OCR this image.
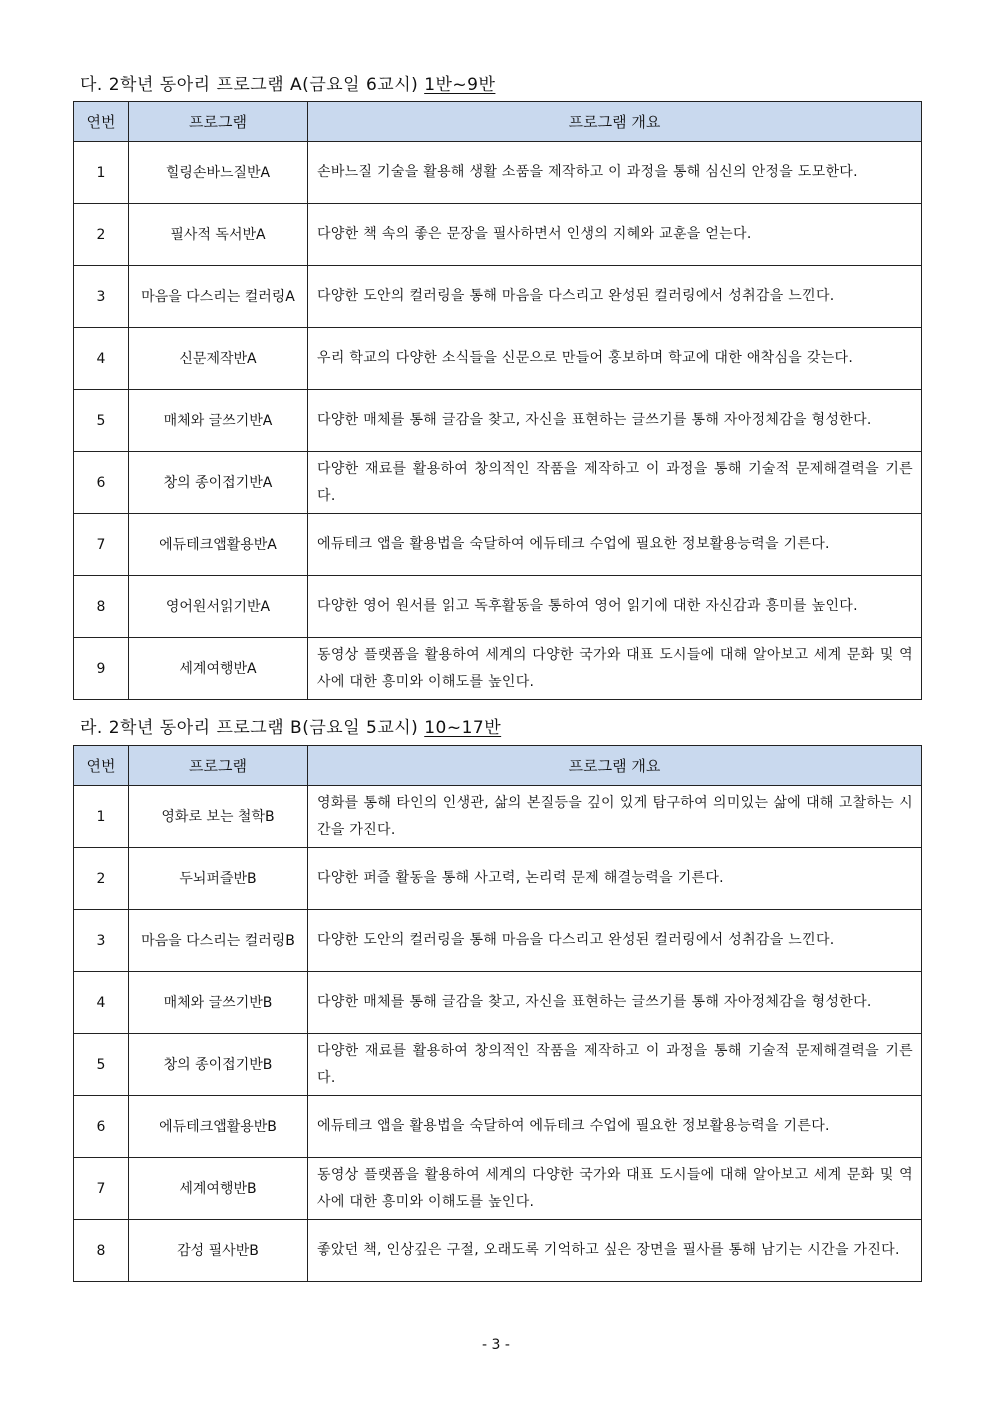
다. 2학년 동아리 프로그램 A(금요일 6교시) 1반~9반
연번	프로그램	프로그램 개요
1	힐링손바느질반A	손바느질 기술을 활용해 생활 소품을 제작하고 이 과정을 통해 심신의 안정을 도모한다.
2	필사적 독서반A	다양한 책 속의 좋은 문장을 필사하면서 인생의 지혜와 교훈을 얻는다.
3	마음을 다스리는 컬러링A	다양한 도안의 컬러링을 통해 마음을 다스리고 완성된 컬러링에서 성취감을 느낀다.
4	신문제작반A	우리 학교의 다양한 소식들을 신문으로 만들어 홍보하며 학교에 대한 애착심을 갖는다.
5	매체와 글쓰기반A	다양한 매체를 통해 글감을 찾고, 자신을 표현하는 글쓰기를 통해 자아정체감을 형성한다.
6	창의 종이접기반A	다양한 재료를 활용하여 창의적인 작품을 제작하고 이 과정을 통해 기술적 문제해결력을 기른다.
7	에듀테크앱활용반A	에듀테크 앱을 활용법을 숙달하여 에듀테크 수업에 필요한 정보활용능력을 기른다.
8	영어원서읽기반A	다양한 영어 원서를 읽고 독후활동을 통하여 영어 읽기에 대한 자신감과 흥미를 높인다.
9	세계여행반A	동영상 플랫폼을 활용하여 세계의 다양한 국가와 대표 도시들에 대해 알아보고 세계 문화 및 역사에 대한 흥미와 이해도를 높인다.
라. 2학년 동아리 프로그램 B(금요일 5교시) 10~17반
연번	프로그램	프로그램 개요
1	영화로 보는 철학B	영화를 통해 타인의 인생관, 삶의 본질등을 깊이 있게 탐구하여 의미있는 삶에 대해 고찰하는 시간을 가진다.
2	두뇌퍼즐반B	다양한 퍼즐 활동을 통해 사고력, 논리력 문제 해결능력을 기른다.
3	마음을 다스리는 컬러링B	다양한 도안의 컬러링을 통해 마음을 다스리고 완성된 컬러링에서 성취감을 느낀다.
4	매체와 글쓰기반B	다양한 매체를 통해 글감을 찾고, 자신을 표현하는 글쓰기를 통해 자아정체감을 형성한다.
5	창의 종이접기반B	다양한 재료를 활용하여 창의적인 작품을 제작하고 이 과정을 통해 기술적 문제해결력을 기른다.
6	에듀테크앱활용반B	에듀테크 앱을 활용법을 숙달하여 에듀테크 수업에 필요한 정보활용능력을 기른다.
7	세계여행반B	동영상 플랫폼을 활용하여 세계의 다양한 국가와 대표 도시들에 대해 알아보고 세계 문화 및 역사에 대한 흥미와 이해도를 높인다.
8	감성 필사반B	좋았던 책, 인상깊은 구절, 오래도록 기억하고 싶은 장면을 필사를 통해 남기는 시간을 가진다.
- 3 -
